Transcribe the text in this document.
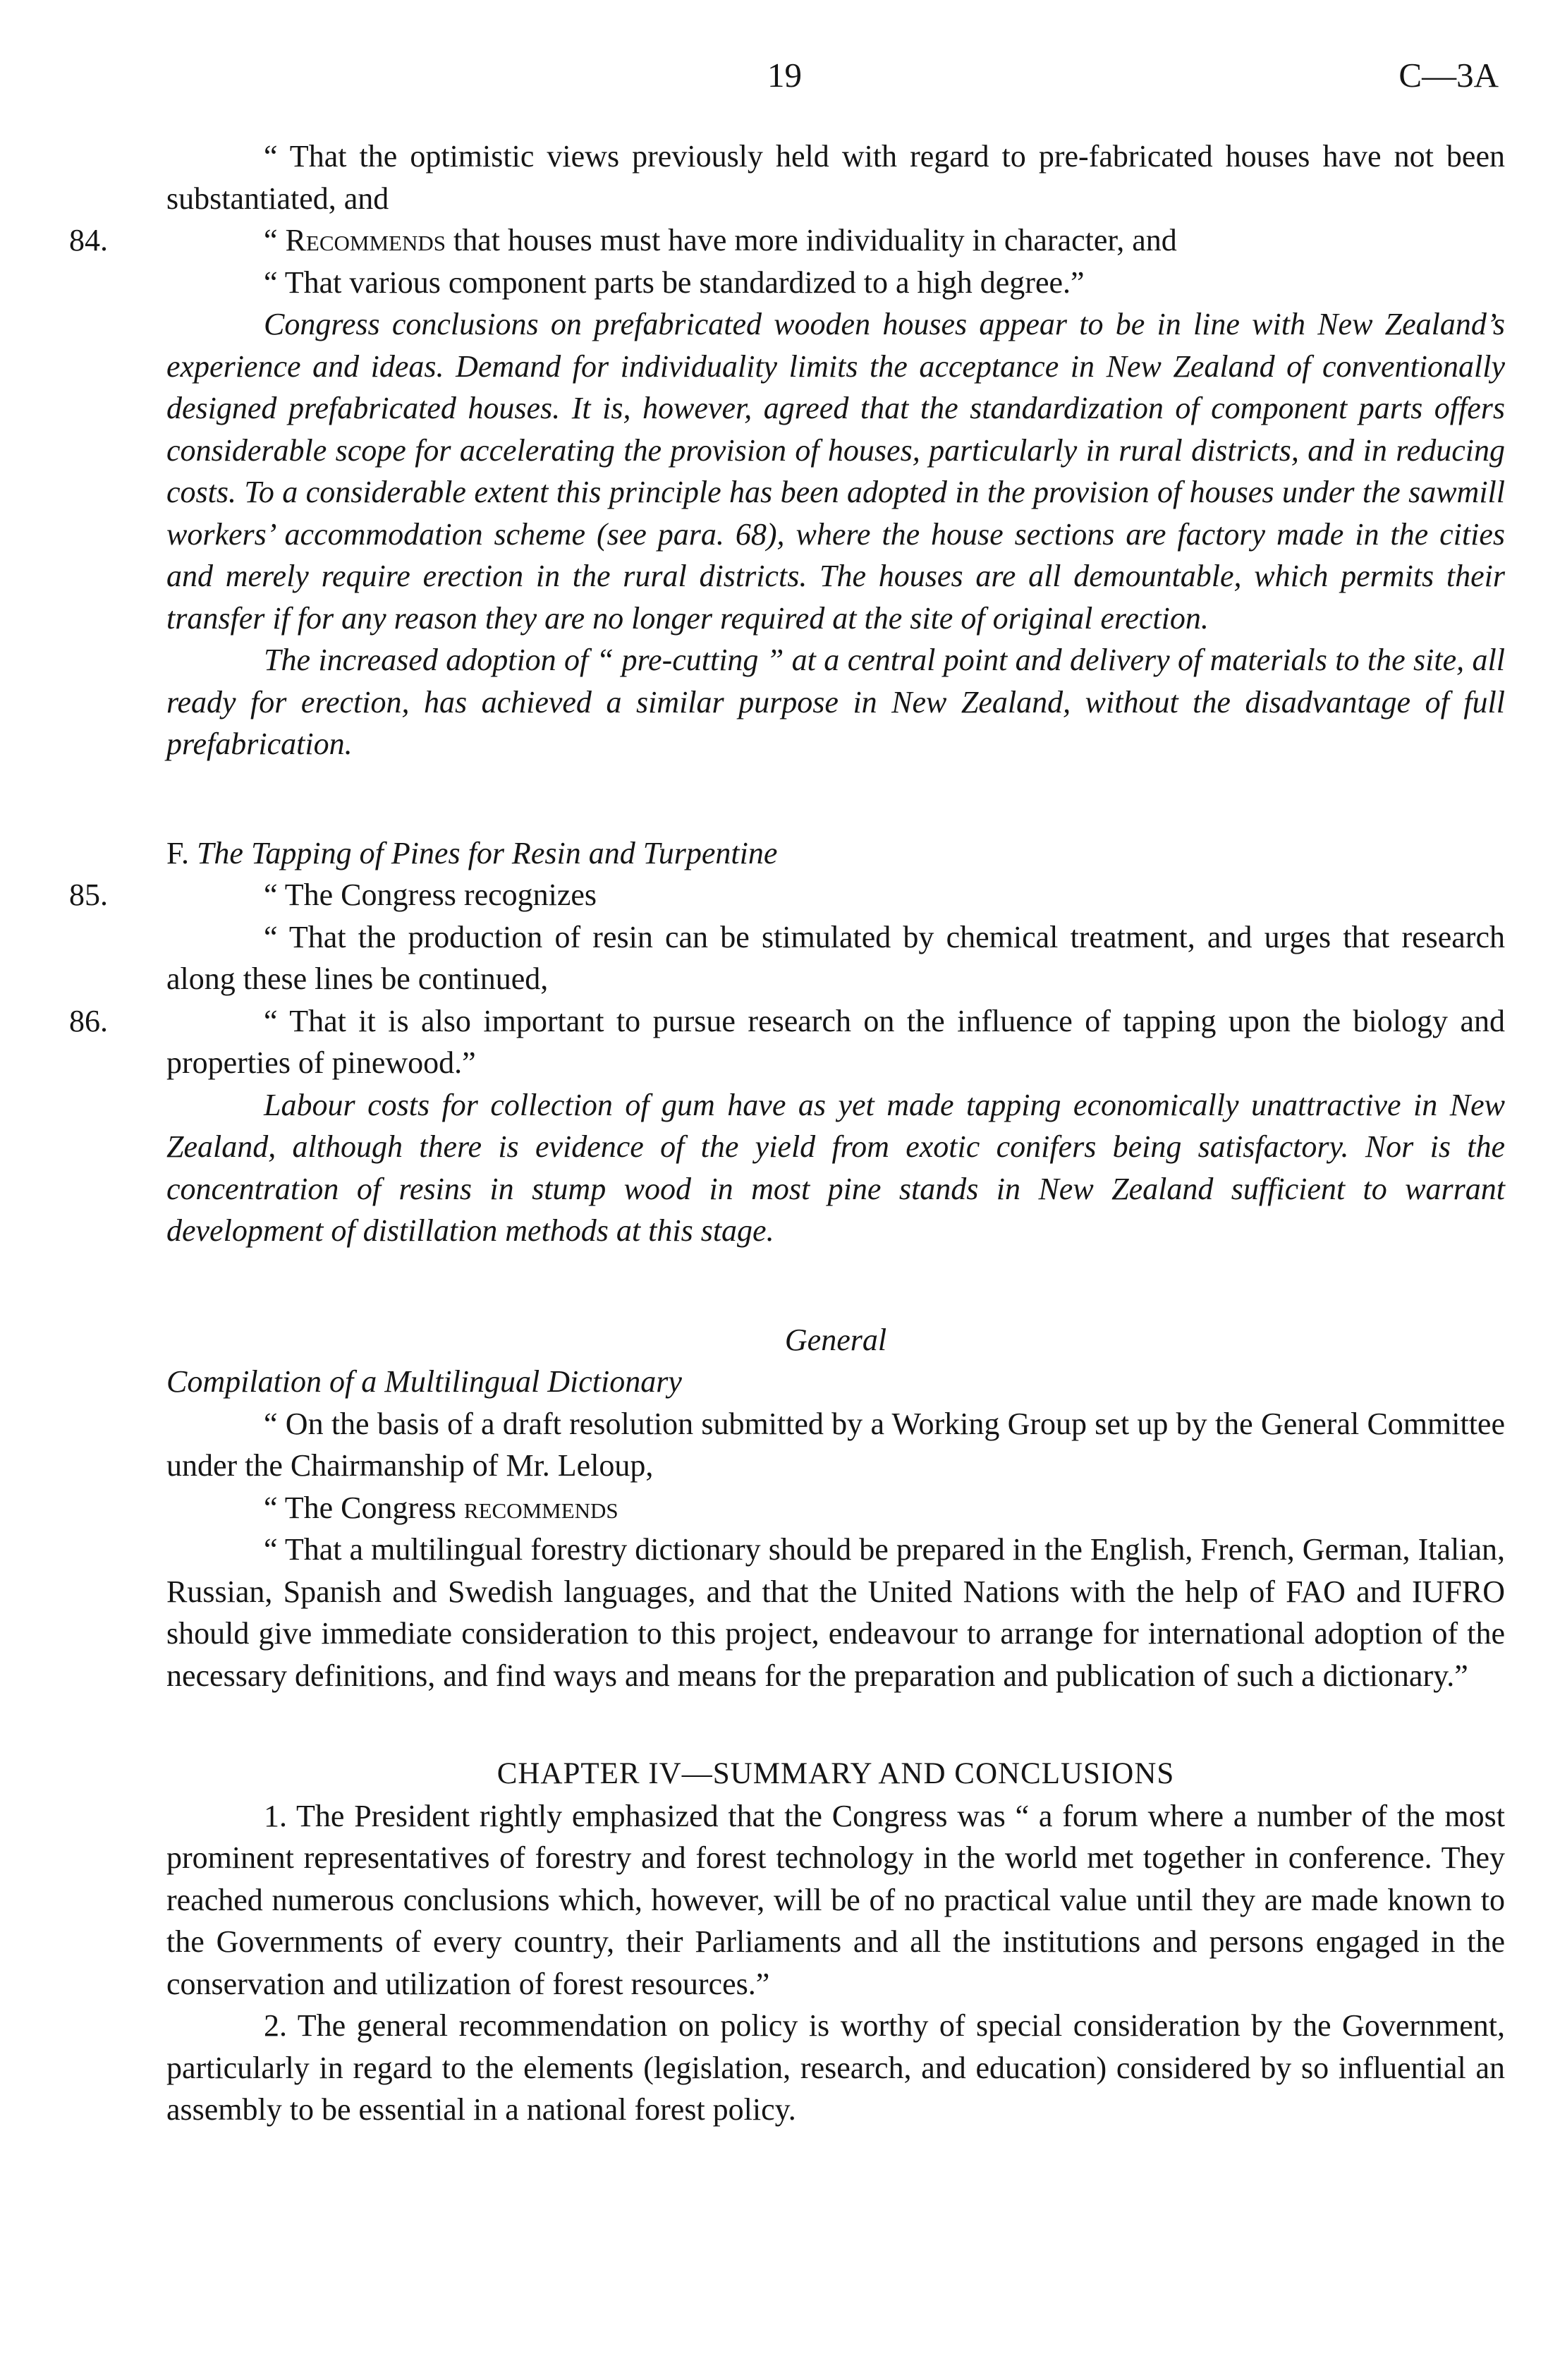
19	C—3A

“ That the optimistic views previously held with regard to pre-fabricated houses have not been substantiated, and

84.	“ Recommends that houses must have more individuality in character, and

“ That various component parts be standardized to a high degree.”

Congress conclusions on prefabricated wooden houses appear to be in line with New Zealand’s experience and ideas. Demand for individuality limits the acceptance in New Zealand of conventionally designed prefabricated houses. It is, however, agreed that the standardization of component parts offers considerable scope for accelerating the provision of houses, particularly in rural districts, and in reducing costs. To a considerable extent this principle has been adopted in the provision of houses under the sawmill workers’ accommodation scheme (see para. 68), where the house sections are factory made in the cities and merely require erection in the rural districts. The houses are all demountable, which permits their transfer if for any reason they are no longer required at the site of original erection.

The increased adoption of “ pre-cutting ” at a central point and delivery of materials to the site, all ready for erection, has achieved a similar purpose in New Zealand, without the disadvantage of full prefabrication.

F. The Tapping of Pines for Resin and Turpentine

85.	“ The Congress recognizes

“ That the production of resin can be stimulated by chemical treatment, and urges that research along these lines be continued,

86.	“ That it is also important to pursue research on the influence of tapping upon the biology and properties of pinewood.”

Labour costs for collection of gum have as yet made tapping economically unattractive in New Zealand, although there is evidence of the yield from exotic conifers being satisfactory. Nor is the concentration of resins in stump wood in most pine stands in New Zealand sufficient to warrant development of distillation methods at this stage.

General

Compilation of a Multilingual Dictionary

“ On the basis of a draft resolution submitted by a Working Group set up by the General Committee under the Chairmanship of Mr. Leloup,

“ The Congress recommends

“ That a multilingual forestry dictionary should be prepared in the English, French, German, Italian, Russian, Spanish and Swedish languages, and that the United Nations with the help of FAO and IUFRO should give immediate consideration to this project, endeavour to arrange for international adoption of the necessary definitions, and find ways and means for the preparation and publication of such a dictionary.”

CHAPTER IV—SUMMARY AND CONCLUSIONS

1. The President rightly emphasized that the Congress was “ a forum where a number of the most prominent representatives of forestry and forest technology in the world met together in conference. They reached numerous conclusions which, however, will be of no practical value until they are made known to the Governments of every country, their Parliaments and all the institutions and persons engaged in the conservation and utilization of forest resources.”

2. The general recommendation on policy is worthy of special consideration by the Government, particularly in regard to the elements (legislation, research, and education) considered by so influential an assembly to be essential in a national forest policy.
